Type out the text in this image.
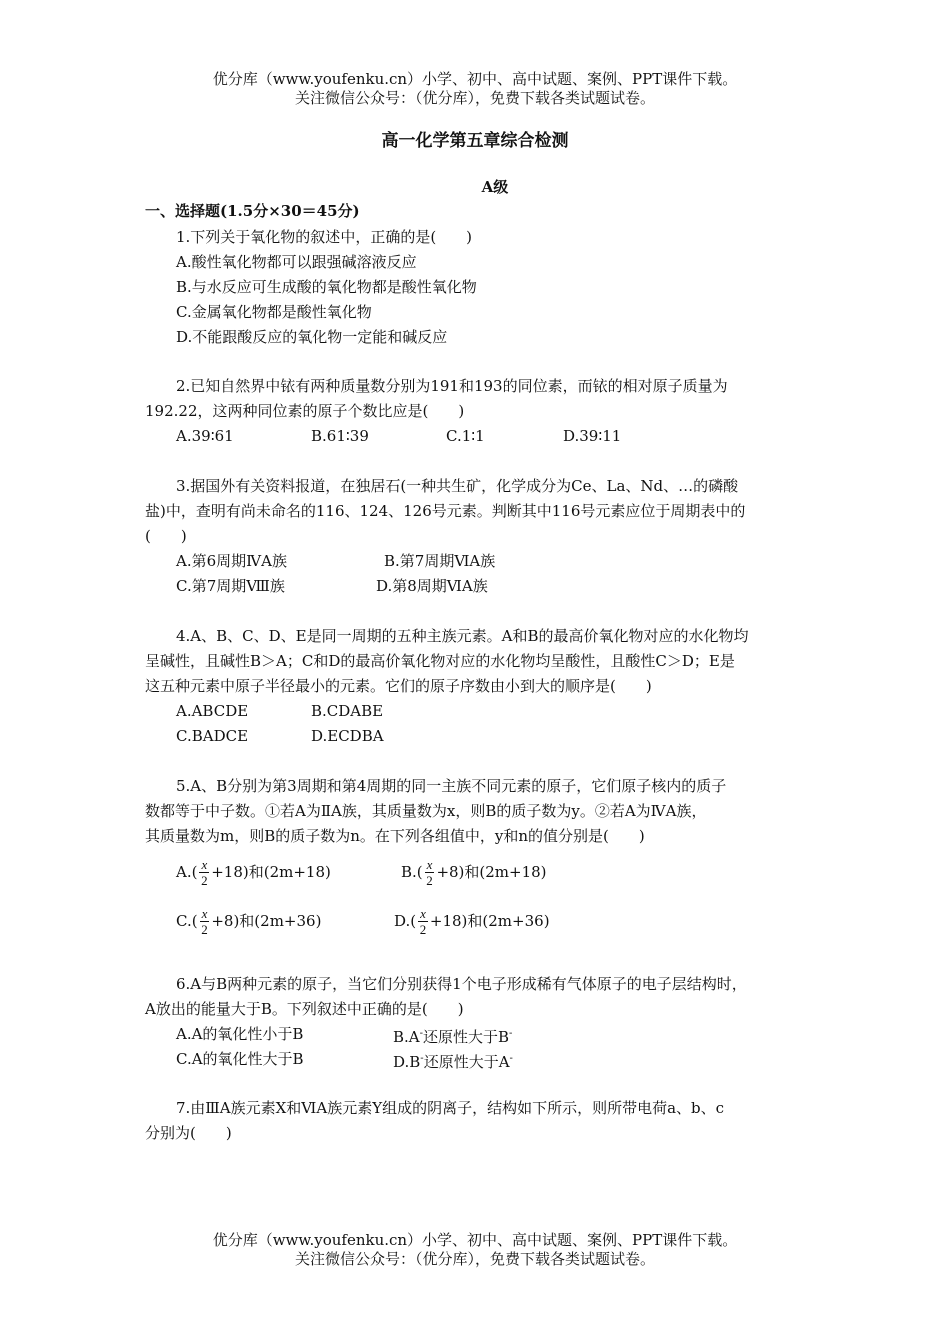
优分库（www.youfenku.cn）小学、初中、高中试题、案例、PPT课件下载。

关注微信公众号：（优分库），免费下载各类试题试卷。

高一化学第五章综合检测
A级
一、选择题(1.5分×30＝45分)
1.下列关于氧化物的叙述中，正确的是(　　)
A.酸性氧化物都可以跟强碱溶液反应
B.与水反应可生成酸的氧化物都是酸性氧化物
C.金属氧化物都是酸性氧化物
D.不能跟酸反应的氧化物一定能和碱反应
2.已知自然界中铱有两种质量数分别为191和193的同位素，而铱的相对原子质量为
192.22，这两种同位素的原子个数比应是(　　)
A.39∶61	B.61∶39	C.1∶1	D.39∶11
3.据国外有关资料报道，在独居石(一种共生矿，化学成分为Ce、La、Nd、…的磷酸
盐)中，查明有尚未命名的116、124、126号元素。判断其中116号元素应位于周期表中的
(　　)
A.第6周期ⅣA族	B.第7周期ⅥA族
C.第7周期Ⅷ族	D.第8周期ⅥA族
4.A、B、C、D、E是同一周期的五种主族元素。A和B的最高价氧化物对应的水化物均
呈碱性，且碱性B＞A；C和D的最高价氧化物对应的水化物均呈酸性，且酸性C＞D；E是
这五种元素中原子半径最小的元素。它们的原子序数由小到大的顺序是(　　)
A.ABCDE	B.CDABE
C.BADCE	D.ECDBA
5.A、B分别为第3周期和第4周期的同一主族不同元素的原子，它们原子核内的质子
数都等于中子数。①若A为ⅡA族，其质量数为x，则B的质子数为y。②若A为ⅣA族，
其质量数为m，则B的质子数为n。在下列各组值中，y和n的值分别是(　　)
$A.( \frac{x}{2} +18)$和(2m+18)	$B.( \frac{x}{2} +8)$和(2m+18)
$C.( \frac{x}{2} +8)$和(2m+36)	$D.( \frac{x}{2} +18)$和(2m+36)
6.A与B两种元素的原子，当它们分别获得1个电子形成稀有气体原子的电子层结构时，
A放出的能量大于B。下列叙述中正确的是(　　)
A.A的氧化性小于B	B.A-还原性大于B-
C.A的氧化性大于B	D.B-还原性大于A-
7.由ⅢA族元素X和ⅥA族元素Y组成的阴离子，结构如下所示，则所带电荷a、b、c
分别为(　　)

优分库（www.youfenku.cn）小学、初中、高中试题、案例、PPT课件下载。

关注微信公众号：（优分库），免费下载各类试题试卷。
